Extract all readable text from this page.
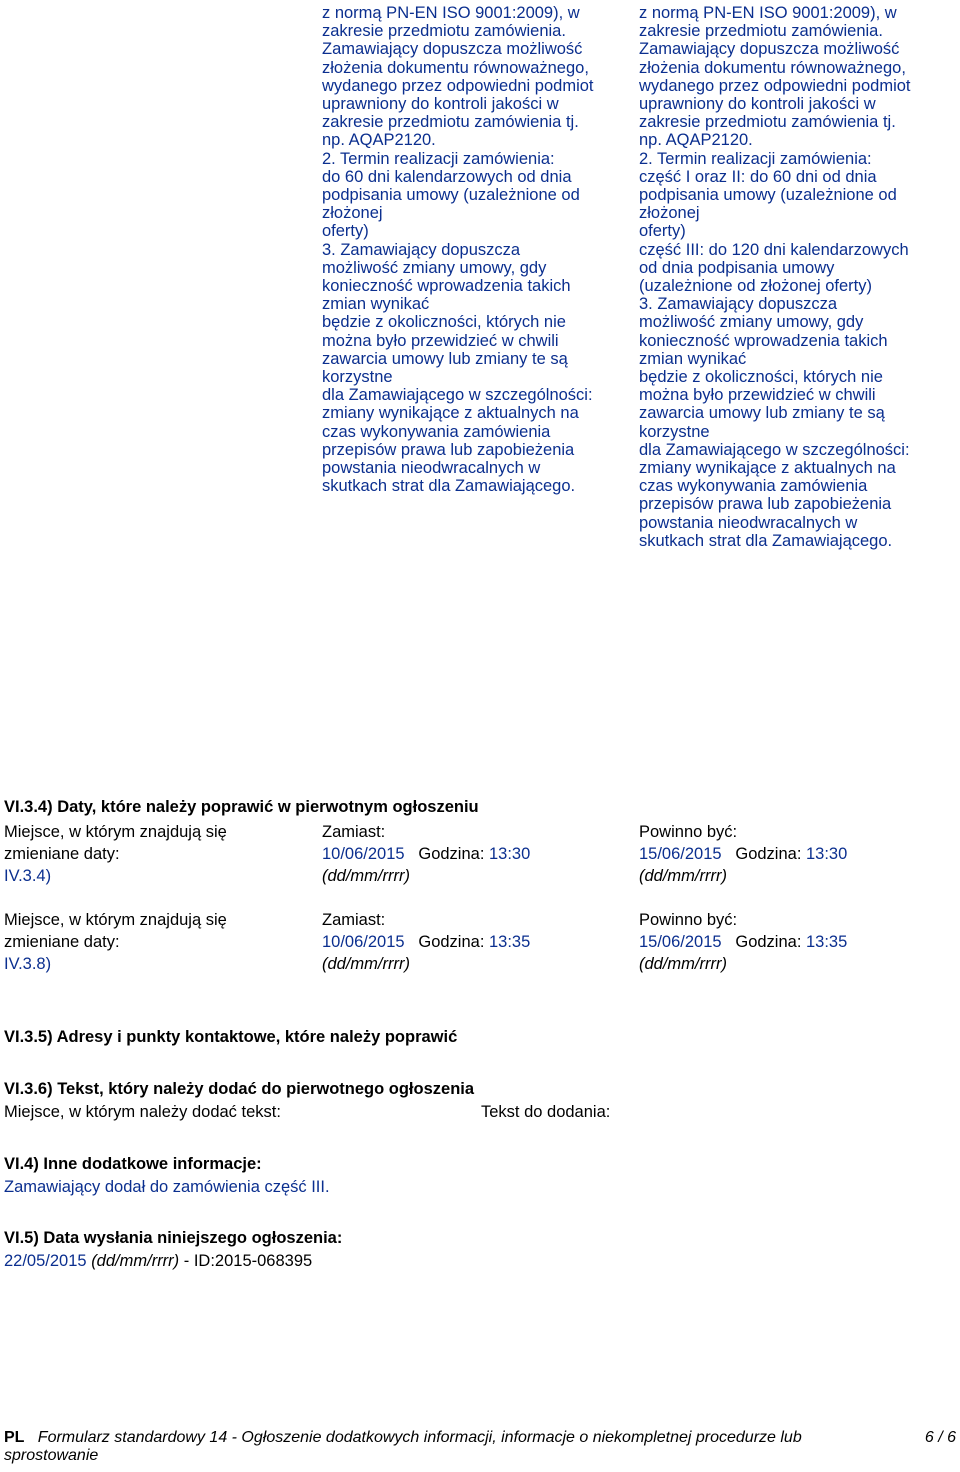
z normą PN-EN ISO 9001:2009), w
zakresie przedmiotu zamówienia.
Zamawiający dopuszcza możliwość
złożenia dokumentu równoważnego,
wydanego przez odpowiedni podmiot
uprawniony do kontroli jakości w
zakresie przedmiotu zamówienia tj.
np. AQAP2120.
2. Termin realizacji zamówienia:
do 60 dni kalendarzowych od dnia
podpisania umowy (uzależnione od
złożonej
oferty)
3. Zamawiający dopuszcza
możliwość zmiany umowy, gdy
konieczność wprowadzenia takich
zmian wynikać
będzie z okoliczności, których nie
można było przewidzieć w chwili
zawarcia umowy lub zmiany te są
korzystne
dla Zamawiającego w szczególności:
zmiany wynikające z aktualnych na
czas wykonywania zamówienia
przepisów prawa lub zapobieżenia
powstania nieodwracalnych w
skutkach strat dla Zamawiającego.
z normą PN-EN ISO 9001:2009), w
zakresie przedmiotu zamówienia.
Zamawiający dopuszcza możliwość
złożenia dokumentu równoważnego,
wydanego przez odpowiedni podmiot
uprawniony do kontroli jakości w
zakresie przedmiotu zamówienia tj.
np. AQAP2120.
2. Termin realizacji zamówienia:
część I oraz II: do 60 dni od dnia
podpisania umowy (uzależnione od
złożonej
oferty)
część III: do 120 dni kalendarzowych
od dnia podpisania umowy
(uzależnione od złożonej oferty)
3. Zamawiający dopuszcza
możliwość zmiany umowy, gdy
konieczność wprowadzenia takich
zmian wynikać
będzie z okoliczności, których nie
można było przewidzieć w chwili
zawarcia umowy lub zmiany te są
korzystne
dla Zamawiającego w szczególności:
zmiany wynikające z aktualnych na
czas wykonywania zamówienia
przepisów prawa lub zapobieżenia
powstania nieodwracalnych w
skutkach strat dla Zamawiającego.
VI.3.4) Daty, które należy poprawić w pierwotnym ogłoszeniu
Miejsce, w którym znajdują się
zmieniane daty:
IV.3.4)
Zamiast:
10/06/2015 Godzina: 13:30
(dd/mm/rrrr)
Powinno być:
15/06/2015 Godzina: 13:30
(dd/mm/rrrr)
Miejsce, w którym znajdują się
zmieniane daty:
IV.3.8)
Zamiast:
10/06/2015 Godzina: 13:35
(dd/mm/rrrr)
Powinno być:
15/06/2015 Godzina: 13:35
(dd/mm/rrrr)
VI.3.5) Adresy i punkty kontaktowe, które należy poprawić
VI.3.6) Tekst, który należy dodać do pierwotnego ogłoszenia
Miejsce, w którym należy dodać tekst:	Tekst do dodania:
VI.4) Inne dodatkowe informacje:
Zamawiający dodał do zamówienia część III.
VI.5) Data wysłania niniejszego ogłoszenia:
22/05/2015 (dd/mm/rrrr) - ID:2015-068395
PL Formularz standardowy 14 - Ogłoszenie dodatkowych informacji, informacje o niekompletnej procedurze lub
sprostowanie
6 / 6
